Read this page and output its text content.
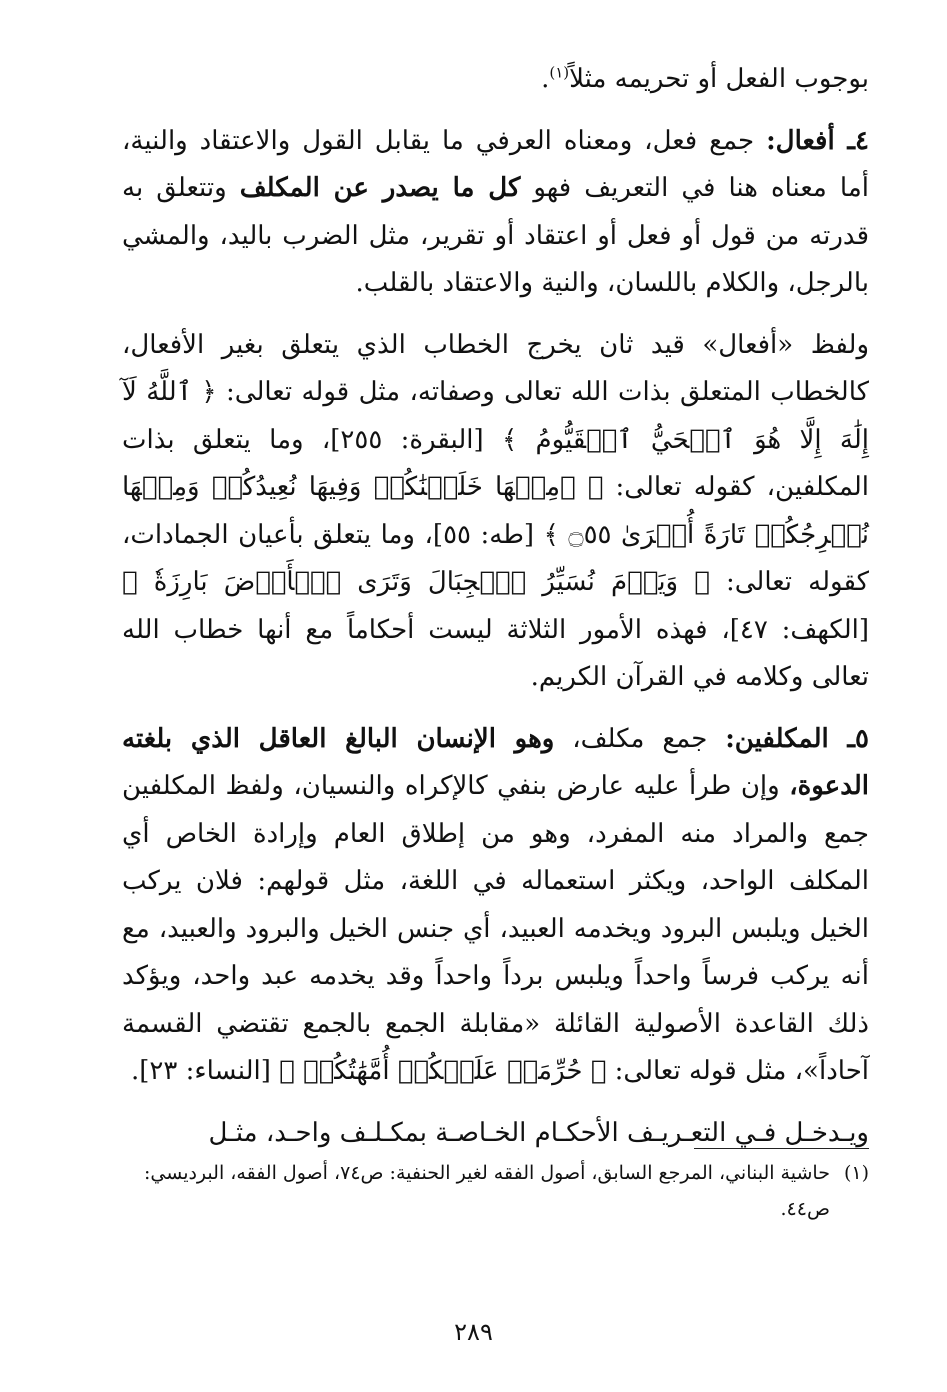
بوجوب الفعل أو تحريمه مثلاً$^{(١)}$.

٤ـ أفعال: جمع فعل، ومعناه العرفي ما يقابل القول والاعتقاد والنية، أما معناه هنا في التعريف فهو كل ما يصدر عن المكلف وتتعلق به قدرته من قول أو فعل أو اعتقاد أو تقرير، مثل الضرب باليد، والمشي بالرجل، والكلام باللسان، والنية والاعتقاد بالقلب.

ولفظ «أفعال» قيد ثان يخرج الخطاب الذي يتعلق بغير الأفعال، كالخطاب المتعلق بذات الله تعالى وصفاته، مثل قوله تعالى: ﴿ ٱللَّهُ لَآ إِلَٰهَ إِلَّا هُوَ ٱلۡحَيُّ ٱلۡقَيُّومُ ﴾ [البقرة: ٢٥٥]، وما يتعلق بذات المكلفين، كقوله تعالى: ﴿ ۞مِنۡهَا خَلَقۡنَٰكُمۡ وَفِيهَا نُعِيدُكُمۡ وَمِنۡهَا نُخۡرِجُكُمۡ تَارَةً أُخۡرَىٰ ۝٥٥ ﴾ [طه: ٥٥]، وما يتعلق بأعيان الجمادات، كقوله تعالى: ﴿ وَيَوۡمَ نُسَيِّرُ ٱلۡجِبَالَ وَتَرَى ٱلۡأَرۡضَ بَارِزَةٗ ﴾ [الكهف: ٤٧]، فهذه الأمور الثلاثة ليست أحكاماً مع أنها خطاب الله تعالى وكلامه في القرآن الكريم.

٥ـ المكلفين: جمع مكلف، وهو الإنسان البالغ العاقل الذي بلغته الدعوة، وإن طرأ عليه عارض بنفي كالإكراه والنسيان، ولفظ المكلفين جمع والمراد منه المفرد، وهو من إطلاق العام وإرادة الخاص أي المكلف الواحد، ويكثر استعماله في اللغة، مثل قولهم: فلان يركب الخيل ويلبس البرود ويخدمه العبيد، أي جنس الخيل والبرود والعبيد، مع أنه يركب فرساً واحداً ويلبس برداً واحداً وقد يخدمه عبد واحد، ويؤكد ذلك القاعدة الأصولية القائلة «مقابلة الجمع بالجمع تقتضي القسمة آحاداً»، مثل قوله تعالى: ﴿ حُرِّمَتۡ عَلَيۡكُمۡ أُمَّهَٰتُكُمۡ ﴾ [النساء: ٢٣].

ويـدخـل فـي التعـريـف الأحكـام الخـاصـة بمكـلـف واحـد، مثـل

(١)
حاشية البناني، المرجع السابق، أصول الفقه لغير الحنفية: ص٧٤، أصول الفقه، البرديسي: ص٤٤.
٢٨٩
